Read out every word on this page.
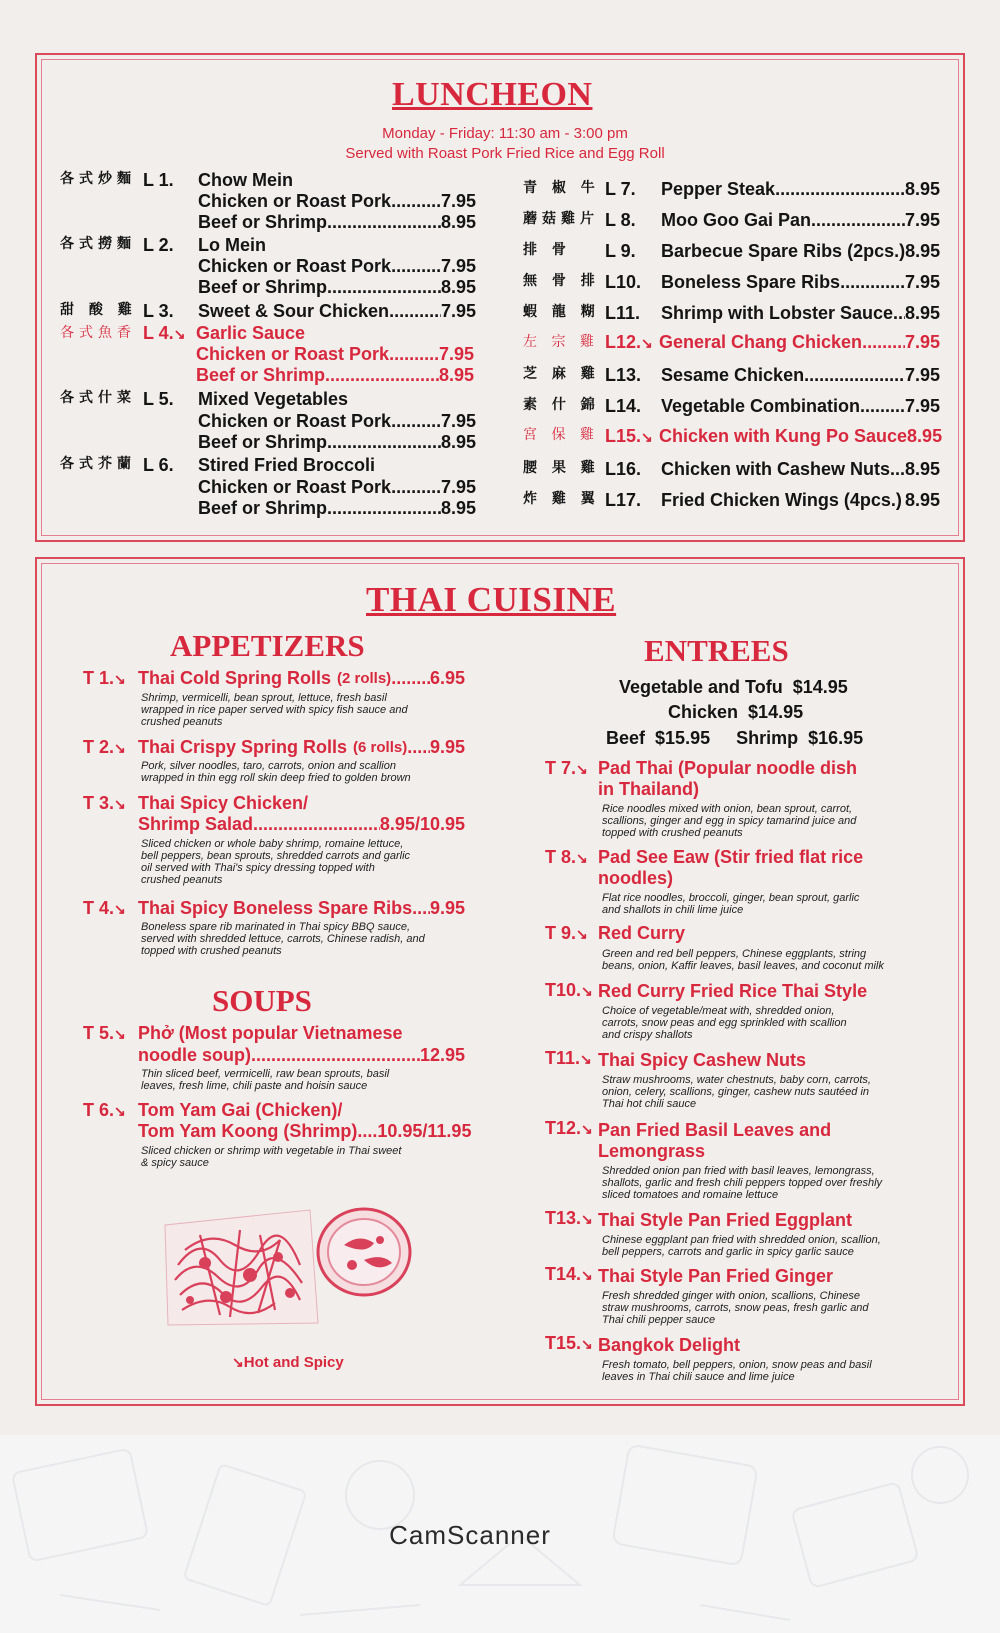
LUNCHEON
Monday - Friday: 11:30 am - 3:00 pm
Served with Roast Pork Fried Rice and Egg Roll
各式炒麵 L 1. Chow Mein
Chicken or Roast Pork .....	7.95
Beef or Shrimp .....	8.95
各式撈麵 L 2. Lo Mein
Chicken or Roast Pork .....	7.95
Beef or Shrimp .....	8.95
甜 酸 雞 L 3. Sweet & Sour Chicken .....	7.95
各式魚香 L 4.↘ Garlic Sauce
Chicken or Roast Pork .....	7.95
Beef or Shrimp .....	8.95
各式什菜 L 5. Mixed Vegetables
Chicken or Roast Pork .....	7.95
Beef or Shrimp .....	8.95
各式芥蘭 L 6. Stired Fried Broccoli
Chicken or Roast Pork .....	7.95
Beef or Shrimp .....	8.95
青 椒 牛 L 7. Pepper Steak .....	8.95
蘑菇雞片 L 8. Moo Goo Gai Pan .....	7.95
排 骨 L 9. Barbecue Spare Ribs (2pcs.) 8.95
無 骨 排 L10. Boneless Spare Ribs .....	7.95
蝦 龍 糊 L11. Shrimp with Lobster Sauce ..... 8.95
左 宗 雞 L12.↘ General Chang Chicken ..... 7.95
芝 麻 雞 L13. Sesame Chicken .....	7.95
素 什 錦 L14. Vegetable Combination ..... 7.95
宮 保 雞 L15.↘ Chicken with Kung Po Sauce 8.95
腰 果 雞 L16. Chicken with Cashew Nuts ..... 8.95
炸 雞 翼 L17. Fried Chicken Wings (4pcs.) 8.95
THAI CUISINE
APPETIZERS
T 1.↘ Thai Cold Spring Rolls (2 rolls) ..... 6.95
Shrimp, vermicelli, bean sprout, lettuce, fresh basil wrapped in rice paper served with spicy fish sauce and crushed peanuts
T 2.↘ Thai Crispy Spring Rolls (6 rolls) ..... 9.95
Pork, silver noodles, taro, carrots, onion and scallion wrapped in thin egg roll skin deep fried to golden brown
T 3.↘ Thai Spicy Chicken/
Shrimp Salad .....	8.95/10.95
Sliced chicken or whole baby shrimp, romaine lettuce, bell peppers, bean sprouts, shredded carrots and garlic oil served with Thai's spicy dressing topped with crushed peanuts
T 4.↘ Thai Spicy Boneless Spare Ribs ..... 9.95
Boneless spare rib marinated in Thai spicy BBQ sauce, served with shredded lettuce, carrots, Chinese radish, and topped with crushed peanuts
SOUPS
T 5.↘ Phở (Most popular Vietnamese
noodle soup) .....	12.95
Thin sliced beef, vermicelli, raw bean sprouts, basil leaves, fresh lime, chili paste and hoisin sauce
T 6.↘ Tom Yam Gai (Chicken)/
Tom Yam Koong (Shrimp) .... 10.95/11.95
Sliced chicken or shrimp with vegetable in Thai sweet & spicy sauce
↘Hot and Spicy
ENTREES
Vegetable and Tofu $14.95
Chicken $14.95
Beef $15.95 Shrimp $16.95
T 7.↘ Pad Thai (Popular noodle dish
in Thailand)
Rice noodles mixed with onion, bean sprout, carrot, scallions, ginger and egg in spicy tamarind juice and topped with crushed peanuts
T 8.↘ Pad See Eaw (Stir fried flat rice
noodles)
Flat rice noodles, broccoli, ginger, bean sprout, garlic and shallots in chili lime juice
T 9.↘ Red Curry
Green and red bell peppers, Chinese eggplants, string beans, onion, Kaffir leaves, basil leaves, and coconut milk
T10.↘ Red Curry Fried Rice Thai Style
Choice of vegetable/meat with, shredded onion, carrots, snow peas and egg sprinkled with scallion and crispy shallots
T11.↘ Thai Spicy Cashew Nuts
Straw mushrooms, water chestnuts, baby corn, carrots, onion, celery, scallions, ginger, cashew nuts sautéed in Thai hot chili sauce
T12.↘ Pan Fried Basil Leaves and
Lemongrass
Shredded onion pan fried with basil leaves, lemongrass, shallots, garlic and fresh chili peppers topped over freshly sliced tomatoes and romaine lettuce
T13.↘ Thai Style Pan Fried Eggplant
Chinese eggplant pan fried with shredded onion, scallion, bell peppers, carrots and garlic in spicy garlic sauce
T14.↘ Thai Style Pan Fried Ginger
Fresh shredded ginger with onion, scallions, Chinese straw mushrooms, carrots, snow peas, fresh garlic and Thai chili pepper sauce
T15.↘ Bangkok Delight
Fresh tomato, bell peppers, onion, snow peas and basil leaves in Thai chili sauce and lime juice
CamScanner
